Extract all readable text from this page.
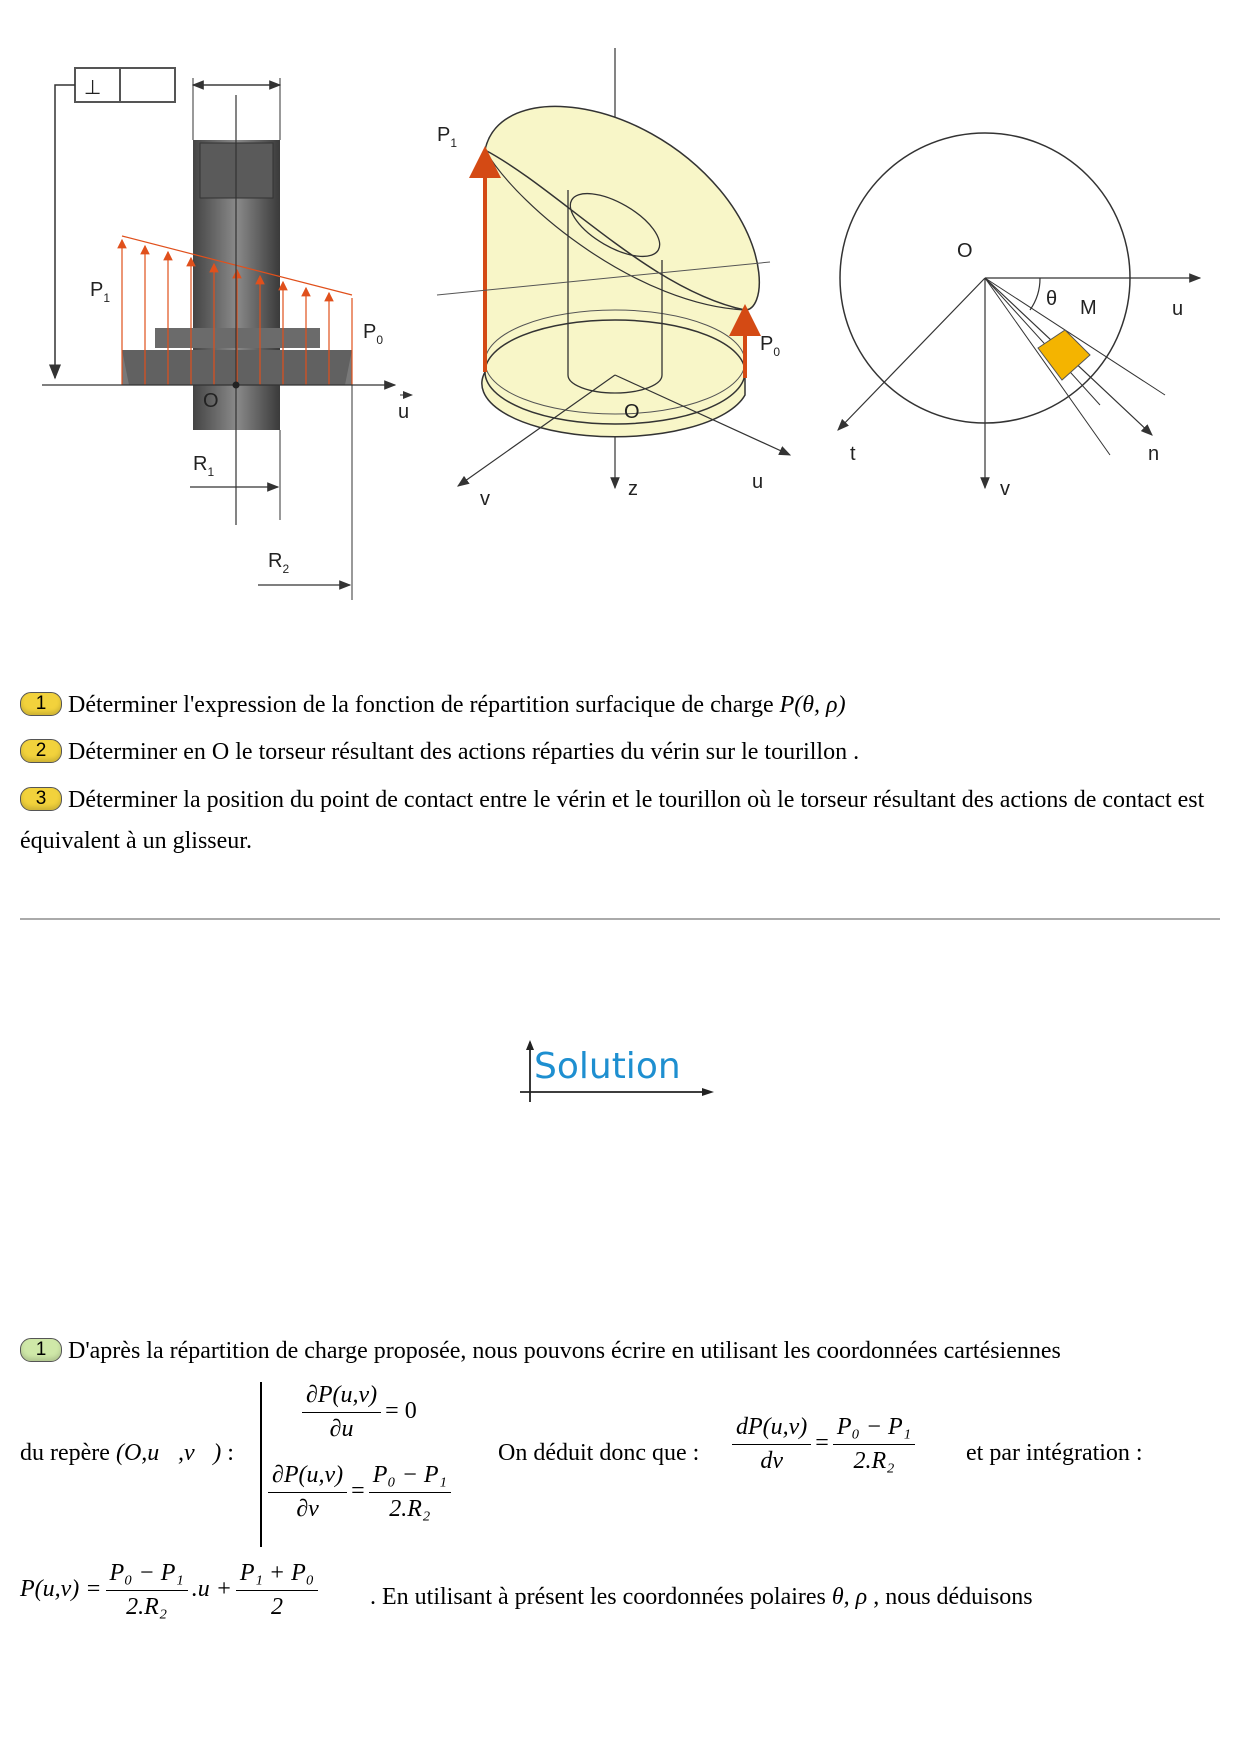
⊥
$P_1$
$P_0$
O	u
$R_1$
$R_2$
$P_1$
$P_0$
O
v	z	u
O
θ M	u
t
v
n
1 Déterminer l'expression de la fonction de répartition surfacique de charge P(θ, ρ)
2 Déterminer en O le torseur résultant des actions réparties du vérin sur le tourillon .
3 Déterminer la position du point de contact entre le vérin et le tourillon où le torseur résultant des actions de contact est équivalent à un glisseur.
Solution
1 D'après la répartition de charge proposée, nous pouvons écrire en utilisant les coordonnées cartésiennes
du repère (O,u⃗,v⃗) :
$\frac{\partial P(u,v)}{\partial u} = 0$
$\frac{\partial P(u,v)}{\partial v} = \frac{\text{P₀ − P₁}}{\text{2.R₂}}$
On déduit donc que : $\frac{dP(u,v)}{dv} = \frac{\text{P₀ − P₁}}{\text{2.R₂}}$ et par intégration :
$P(u,v) = \frac{\text{P₀ − P₁}}{\text{2.R₂}} .u + \frac{\text{P₁ + P₀}}{2}$ . En utilisant à présent les coordonnées polaires θ, ρ , nous déduisons
